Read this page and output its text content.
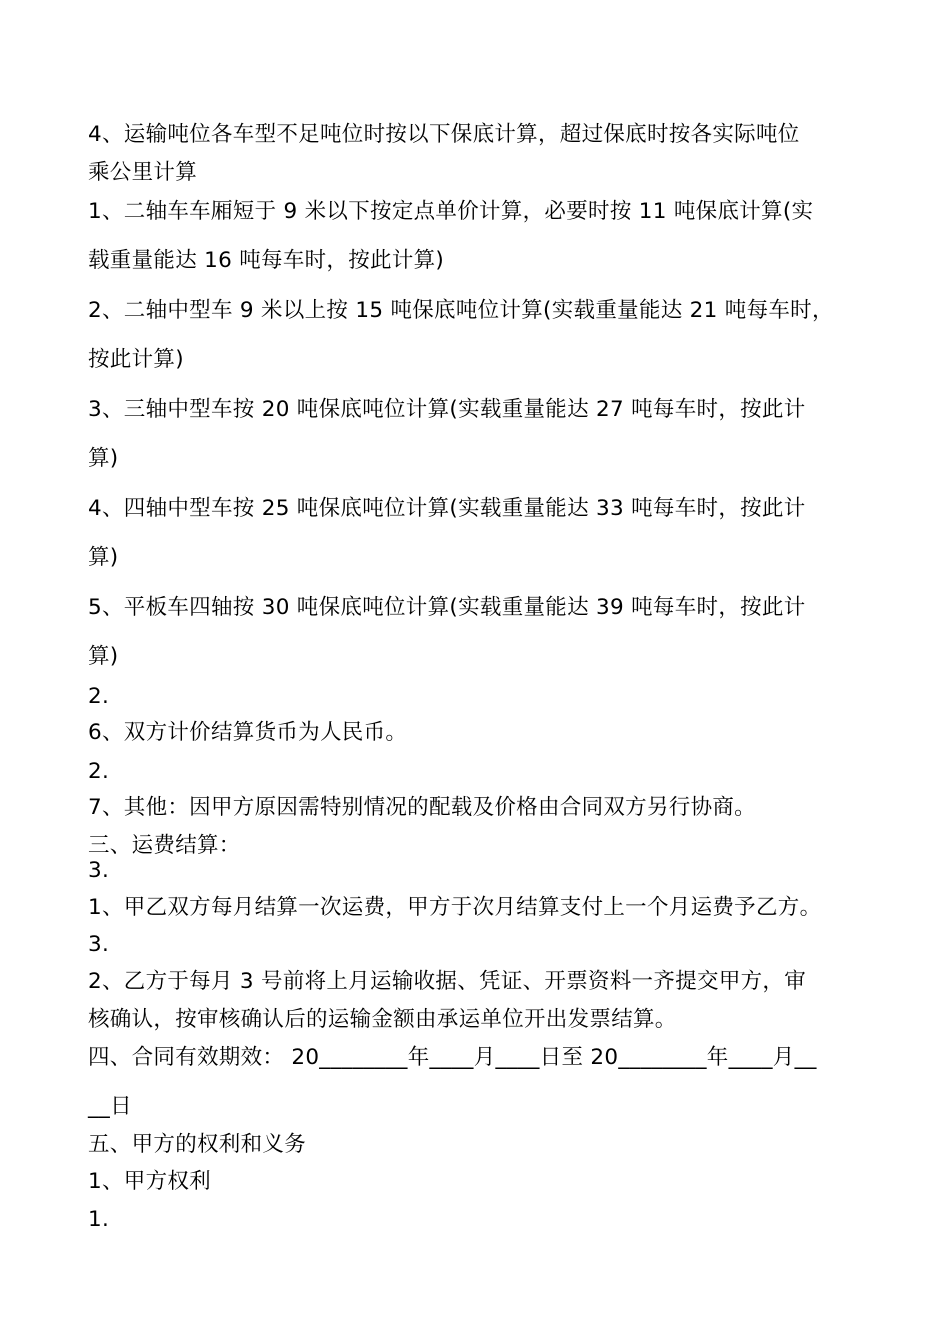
4、运输吨位各车型不足吨位时按以下保底计算，超过保底时按各实际吨位
乘公里计算
1、二轴车车厢短于 9 米以下按定点单价计算，必要时按 11 吨保底计算(实
载重量能达 16 吨每车时，按此计算)
2、二轴中型车 9 米以上按 15 吨保底吨位计算(实载重量能达 21 吨每车时，
按此计算)
3、三轴中型车按 20 吨保底吨位计算(实载重量能达 27 吨每车时，按此计
算)
4、四轴中型车按 25 吨保底吨位计算(实载重量能达 33 吨每车时，按此计
算)
5、平板车四轴按 30 吨保底吨位计算(实载重量能达 39 吨每车时，按此计
算)
2.
6、双方计价结算货币为人民币。
2.
7、其他：因甲方原因需特别情况的配载及价格由合同双方另行协商。
三、运费结算：
3.
1、甲乙双方每月结算一次运费，甲方于次月结算支付上一个月运费予乙方。
3.
2、乙方于每月 3 号前将上月运输收据、凭证、开票资料一齐提交甲方，审
核确认，按审核确认后的运输金额由承运单位开出发票结算。
四、合同有效期效： 20________年____月____日至 20________年____月__
__日
五、甲方的权利和义务
1、甲方权利
1.
